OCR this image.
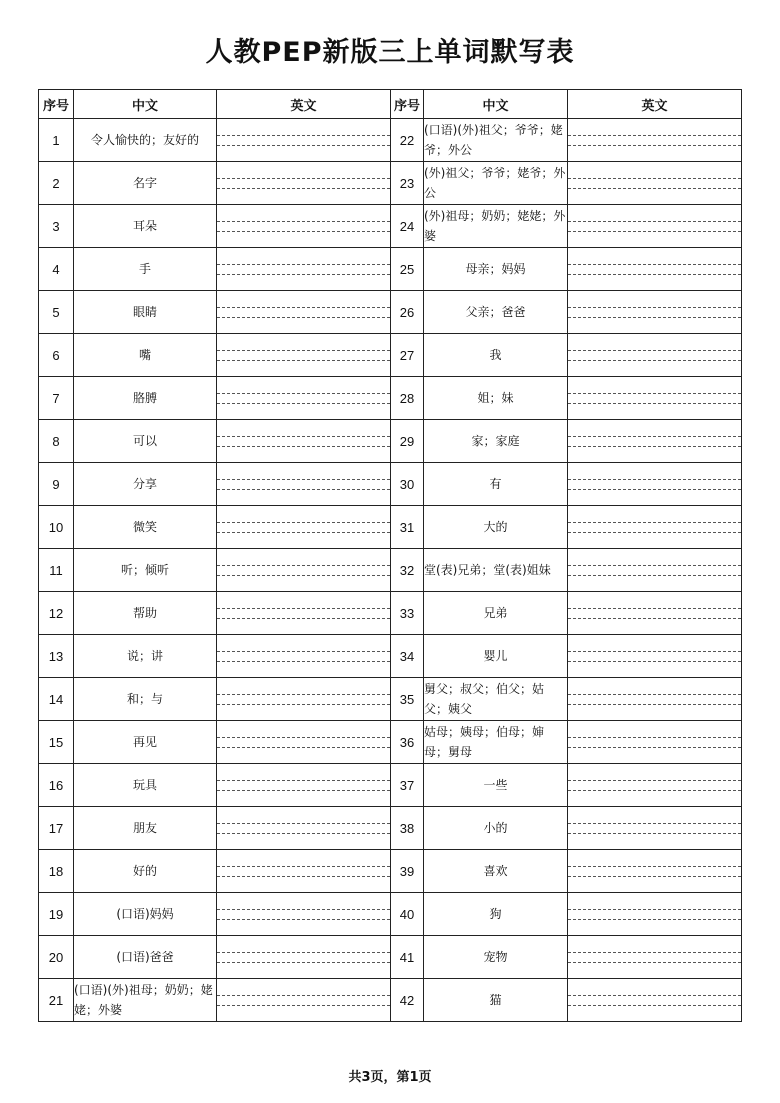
人教PEP新版三上单词默写表
序号	中文	英文	序号	中文	英文
1	令人愉快的；友好的		22	(口语)(外)祖父；爷爷；姥爷；外公	

2	名字		23	(外)祖父；爷爷；姥爷；外公	

3	耳朵		24	(外)祖母；奶奶；姥姥；外婆	

4	手		25	母亲；妈妈	

5	眼睛		26	父亲；爸爸	

6	嘴		27	我	

7	胳膊		28	姐；妹	

8	可以		29	家；家庭	

9	分享		30	有	

10	微笑		31	大的	

11	听；倾听		32	堂(表)兄弟；堂(表)姐妹	

12	帮助		33	兄弟	

13	说；讲		34	婴儿	

14	和；与		35	舅父；叔父；伯父；姑父；姨父	

15	再见		36	姑母；姨母；伯母；婶母；舅母	

16	玩具		37	一些	

17	朋友		38	小的	

18	好的		39	喜欢	

19	(口语)妈妈		40	狗	

20	(口语)爸爸		41	宠物	

21	(口语)(外)祖母；奶奶；姥姥；外婆		42	猫	
共3页，第1页
